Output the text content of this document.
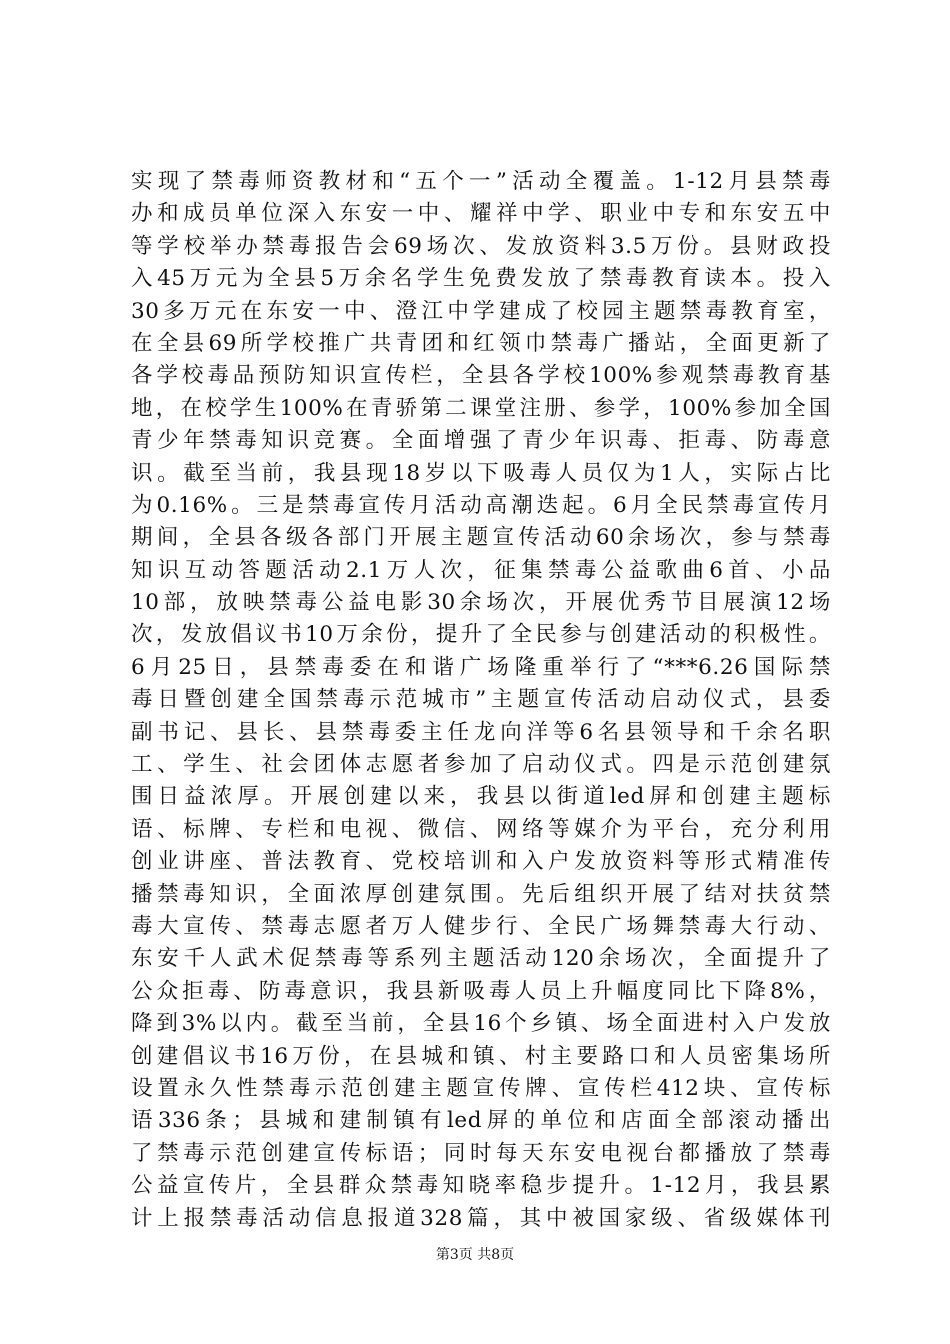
实现了禁毒师资教材和“五个一”活动全覆盖。1-12月县禁毒
办和成员单位深入东安一中、耀祥中学、职业中专和东安五中
等学校举办禁毒报告会69场次、发放资料3.5万份。县财政投
入45万元为全县5万余名学生免费发放了禁毒教育读本。投入
30多万元在东安一中、澄江中学建成了校园主题禁毒教育室，
在全县69所学校推广共青团和红领巾禁毒广播站，全面更新了
各学校毒品预防知识宣传栏，全县各学校100%参观禁毒教育基
地，在校学生100%在青骄第二课堂注册、参学，100%参加全国
青少年禁毒知识竞赛。全面增强了青少年识毒、拒毒、防毒意
识。截至当前，我县现18岁以下吸毒人员仅为1人，实际占比
为0.16%。三是禁毒宣传月活动高潮迭起。6月全民禁毒宣传月
期间，全县各级各部门开展主题宣传活动60余场次，参与禁毒
知识互动答题活动2.1万人次，征集禁毒公益歌曲6首、小品
10部，放映禁毒公益电影30余场次，开展优秀节目展演12场
次，发放倡议书10万余份，提升了全民参与创建活动的积极性。
6月25日，县禁毒委在和谐广场隆重举行了“***6.26国际禁
毒日暨创建全国禁毒示范城市”主题宣传活动启动仪式，县委
副书记、县长、县禁毒委主任龙向洋等6名县领导和千余名职
工、学生、社会团体志愿者参加了启动仪式。四是示范创建氛
围日益浓厚。开展创建以来，我县以街道led屏和创建主题标
语、标牌、专栏和电视、微信、网络等媒介为平台，充分利用
创业讲座、普法教育、党校培训和入户发放资料等形式精准传
播禁毒知识，全面浓厚创建氛围。先后组织开展了结对扶贫禁
毒大宣传、禁毒志愿者万人健步行、全民广场舞禁毒大行动、
东安千人武术促禁毒等系列主题活动120余场次，全面提升了
公众拒毒、防毒意识，我县新吸毒人员上升幅度同比下降8%，
降到3%以内。截至当前，全县16个乡镇、场全面进村入户发放
创建倡议书16万份，在县城和镇、村主要路口和人员密集场所
设置永久性禁毒示范创建主题宣传牌、宣传栏412块、宣传标
语336条；县城和建制镇有led屏的单位和店面全部滚动播出
了禁毒示范创建宣传标语；同时每天东安电视台都播放了禁毒
公益宣传片，全县群众禁毒知晓率稳步提升。1-12月，我县累
计上报禁毒活动信息报道328篇，其中被国家级、省级媒体刊
第3页 共8页
